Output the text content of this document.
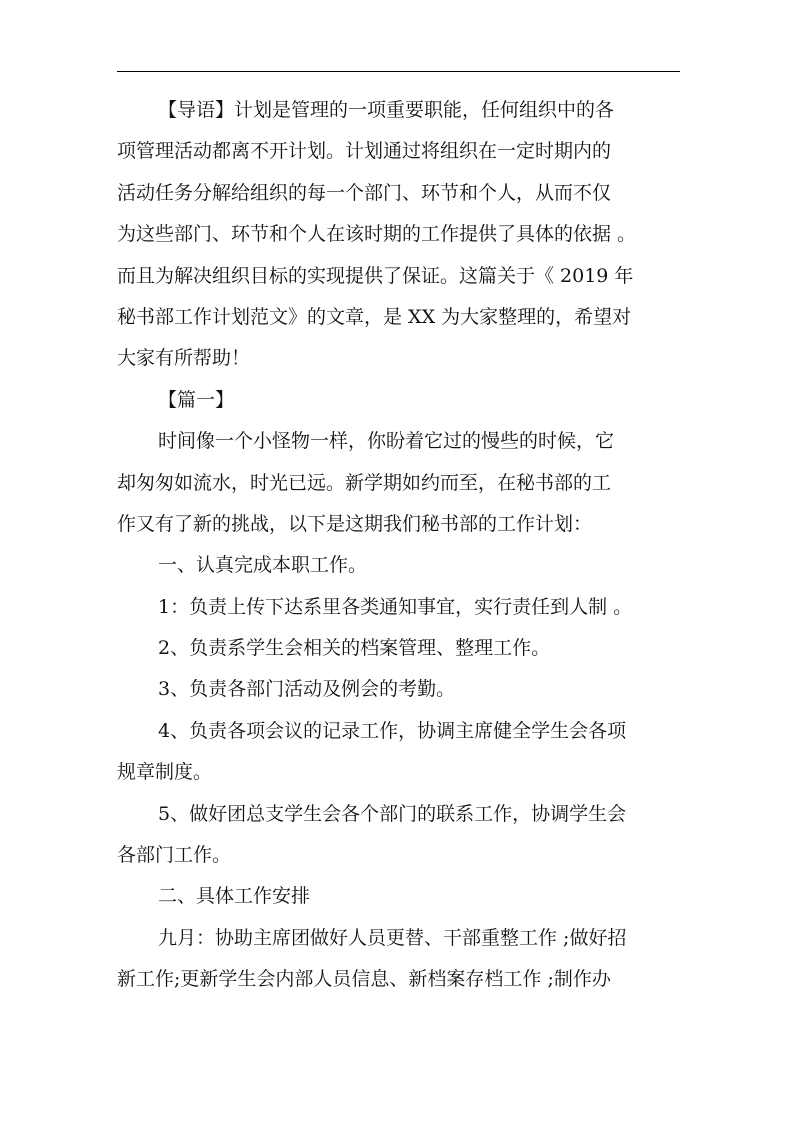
【导语】计划是管理的一项重要职能，任何组织中的各
项管理活动都离不开计划。计划通过将组织在一定时期内的
活动任务分解给组织的每一个部门、环节和个人，从而不仅
为这些部门、环节和个人在该时期的工作提供了具体的依据 。
而且为解决组织目标的实现提供了保证。这篇关于《 2019 年
秘书部工作计划范文》的文章，是 XX 为大家整理的，希望对
大家有所帮助！
【篇一】
时间像一个小怪物一样，你盼着它过的慢些的时候，它
却匆匆如流水，时光已远。新学期如约而至，在秘书部的工
作又有了新的挑战，以下是这期我们秘书部的工作计划：
一、认真完成本职工作。
1：负责上传下达系里各类通知事宜，实行责任到人制 。
2、负责系学生会相关的档案管理、整理工作。
3、负责各部门活动及例会的考勤。
4、负责各项会议的记录工作，协调主席健全学生会各项
规章制度。
5、做好团总支学生会各个部门的联系工作，协调学生会
各部门工作。
二、具体工作安排
九月：协助主席团做好人员更替、干部重整工作 ;做好招
新工作;更新学生会内部人员信息、新档案存档工作 ;制作办
